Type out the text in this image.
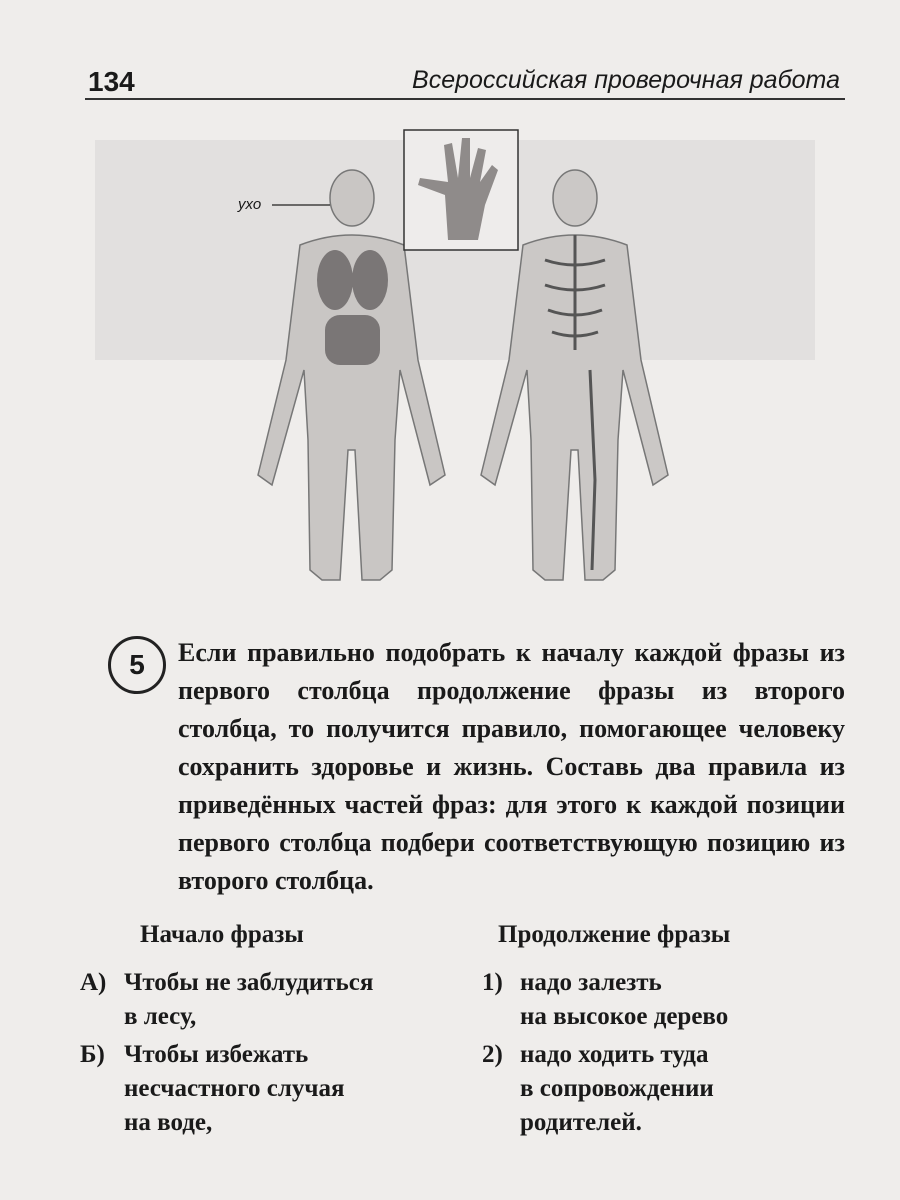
134	Всероссийская проверочная работа
ухо
5	Если правильно подобрать к началу каждой фразы из первого столбца продолжение фразы из второго столбца, то получится правило, помогающее человеку сохранить здоровье и жизнь. Составь два правила из приведённых частей фраз: для этого к каждой позиции первого столбца подбери соответствующую позицию из второго столбца.
Начало фразы
А) Чтобы не заблудиться
в лесу,
Б) Чтобы избежать
несчастного случая
на воде,
Продолжение фразы
1) надо залезть
на высокое дерево
2) надо ходить туда
в сопровождении
родителей.
